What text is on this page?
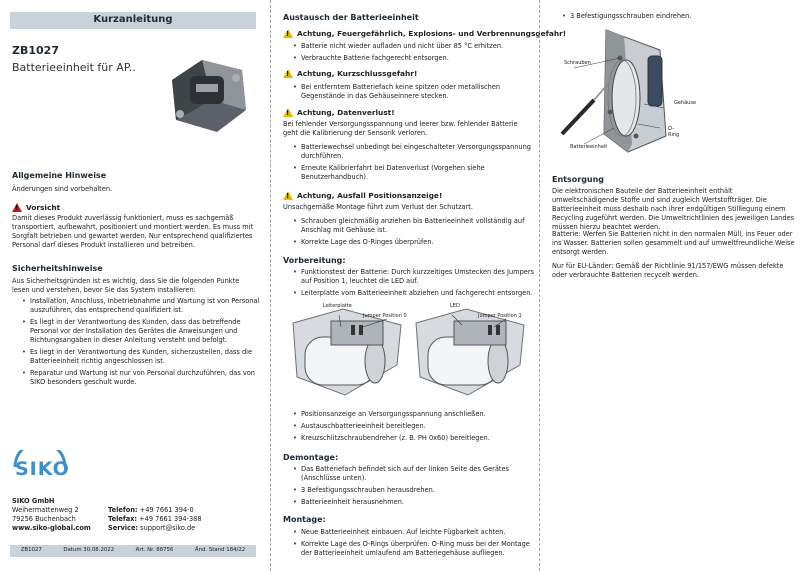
Kurzanleitung
ZB1027
Batterieeinheit für AP..
Allgemeine Hinweise
Änderungen sind vorbehalten.
!
Vorsicht
Damit dieses Produkt zuverlässig funktioniert, muss es sachgemäß transportiert, aufbewahrt, positioniert und montiert werden. Es muss mit Sorgfalt betrieben und gewartet werden. Nur entsprechend qualifiziertes Personal darf dieses Produkt installieren und betreiben.
Sicherheitshinweise
Aus Sicherheitsgründen ist es wichtig, dass Sie die folgenden Punkte lesen und verstehen, bevor Sie das System installieren:
• Installation, Anschluss, Inbetriebnahme und Wartung ist von Personal auszuführen, das entsprechend qualifiziert ist.
• Es liegt in der Verantwortung des Kunden, dass das betreffende Personal vor der Installation des Gerätes die Anweisungen und Richtungsangaben in dieser Anleitung versteht und befolgt.
• Es liegt in der Verantwortung des Kunden, sicherzustellen, dass die Batterieeinheit richtig angeschlossen ist.
• Reparatur und Wartung ist nur von Personal durchzuführen, das von SIKO besonders geschult wurde.
SIKO
SIKO GmbH
Weihermattenweg 2
79256 Buchenbach
www.siko-global.com
Telefon: +49 7661 394-0
Telefax: +49 7661 394-388
Service: support@siko.de
ZB1027	Datum 30.08.2022	Art. Nr. 88756	Änd. Stand 184/22
Austausch der Batterieeinheit
!
Achtung, Feuergefährlich, Explosions- und Verbrennungsgefahr!
• Batterie nicht wieder aufladen und nicht über 85 °C erhitzen.
• Verbrauchte Batterie fachgerecht entsorgen.
!
Achtung, Kurzschlussgefahr!
• Bei entferntem Batteriefach keine spitzen oder metallischen Gegenstände in das Gehäuseinnere stecken.
!
Achtung, Datenverlust!
Bei fehlender Versorgungsspannung und leerer bzw. fehlender Batterie geht die Kalibrierung der Sensorik verloren.
• Batteriewechsel unbedingt bei eingeschalteter Versorgungsspannung durchführen.
• Erneute Kalibrierfahrt bei Datenverlust (Vorgehen siehe Benutzerhandbuch).
!
Achtung, Ausfall Positionsanzeige!
Unsachgemäße Montage führt zum Verlust der Schutzart.
• Schrauben gleichmäßig anziehen bis Batterieeinheit vollständig auf Anschlag mit Gehäuse ist.
• Korrekte Lage des O-Ringes überprüfen.
Vorbereitung:
• Funktionstest der Batterie: Durch kurzzeitiges Umstecken des Jumpers auf Position 1, leuchtet die LED auf.
• Leiterplatte vom Batterieeinheit abziehen und fachgerecht entsorgen.
Leiterplatte
Jumper Position 0
LED
Jumper Position 1
• Positionsanzeige an Versorgungsspannung anschließen.
• Austauschbatterieeinheit bereitlegen.
• Kreuzschlitzschraubendreher (z. B. PH 0x60) bereitlegen.
Demontage:
• Das Batteriefach befindet sich auf der linken Seite des Gerätes (Anschlüsse unten).
• 3 Befestigungsschrauben herausdrehen.
• Batterieeinheit herausnehmen.
Montage:
• Neue Batterieeinheit einbauen. Auf leichte Fügbarkeit achten.
• Korrekte Lage des O-Rings überprüfen. O-Ring muss bei der Montage der Batterieeinheit umlaufend am Batteriegehäuse aufliegen.
• 3 Befestigungsschrauben eindrehen.
Schrauben
Gehäuse
O-Ring
Batterieeinheit
Entsorgung
Die elektronischen Bauteile der Batterieeinheit enthält umweltschädigende Stoffe und sind zugleich Wertstoffträger. Die Batterieeinheit muss deshalb nach ihrer endgültigen Stilllegung einem Recycling zugeführt werden. Die Umweltrichtlinien des jeweiligen Landes müssen hierzu beachtet werden.
Batterie: Werfen Sie Batterien nicht in den normalen Müll, ins Feuer oder ins Wasser. Batterien sollen gesammelt und auf umweltfreundliche Weise entsorgt werden.
Nur für EU-Länder: Gemäß der Richtlinie 91/157/EWG müssen defekte oder verbrauchte Batterien recycelt werden.
